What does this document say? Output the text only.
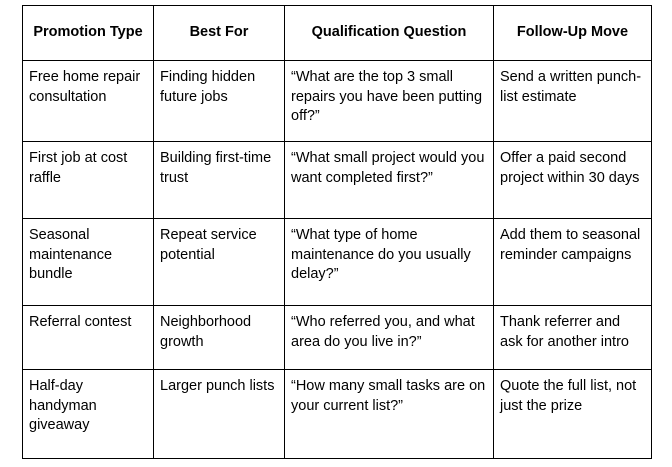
Promotion Type	Best For	Qualification Question	Follow-Up Move
Free home repair consultation	Finding hidden future jobs	“What are the top 3 small repairs you have been putting off?”	Send a written punch-list estimate
First job at cost raffle	Building first-time trust	“What small project would you want completed first?”	Offer a paid second project within 30 days
Seasonal maintenance bundle	Repeat service potential	“What type of home maintenance do you usually delay?”	Add them to seasonal reminder campaigns
Referral contest	Neighborhood growth	“Who referred you, and what area do you live in?”	Thank referrer and ask for another intro
Half-day handyman giveaway	Larger punch lists	“How many small tasks are on your current list?”	Quote the full list, not just the prize
